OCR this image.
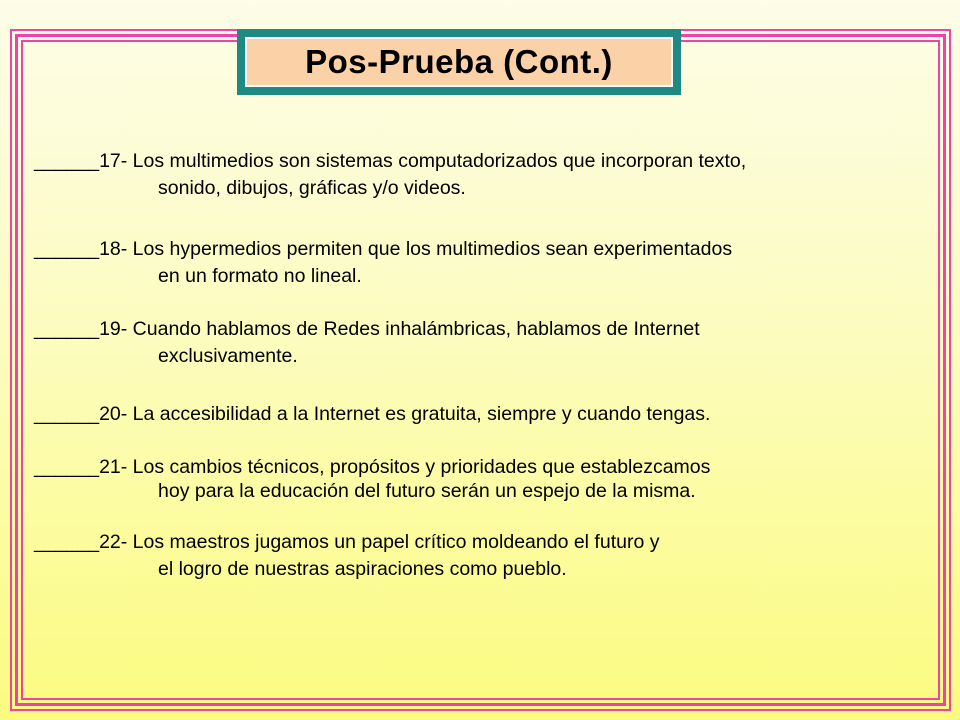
Pos-Prueba (Cont.)
______17- Los multimedios son sistemas computadorizados que incorporan texto,
sonido, dibujos, gráficas y/o videos.
______18- Los hypermedios permiten que los multimedios sean experimentados
en un formato no lineal.
______19- Cuando hablamos de Redes inhalámbricas, hablamos de Internet
exclusivamente.
______20- La accesibilidad a la Internet es gratuita, siempre y cuando tengas.
______21- Los cambios técnicos, propósitos y prioridades que establezcamos
hoy para la educación del futuro serán un espejo de la misma.
______22- Los maestros jugamos un papel crítico moldeando el futuro y
el logro de nuestras aspiraciones como pueblo.
